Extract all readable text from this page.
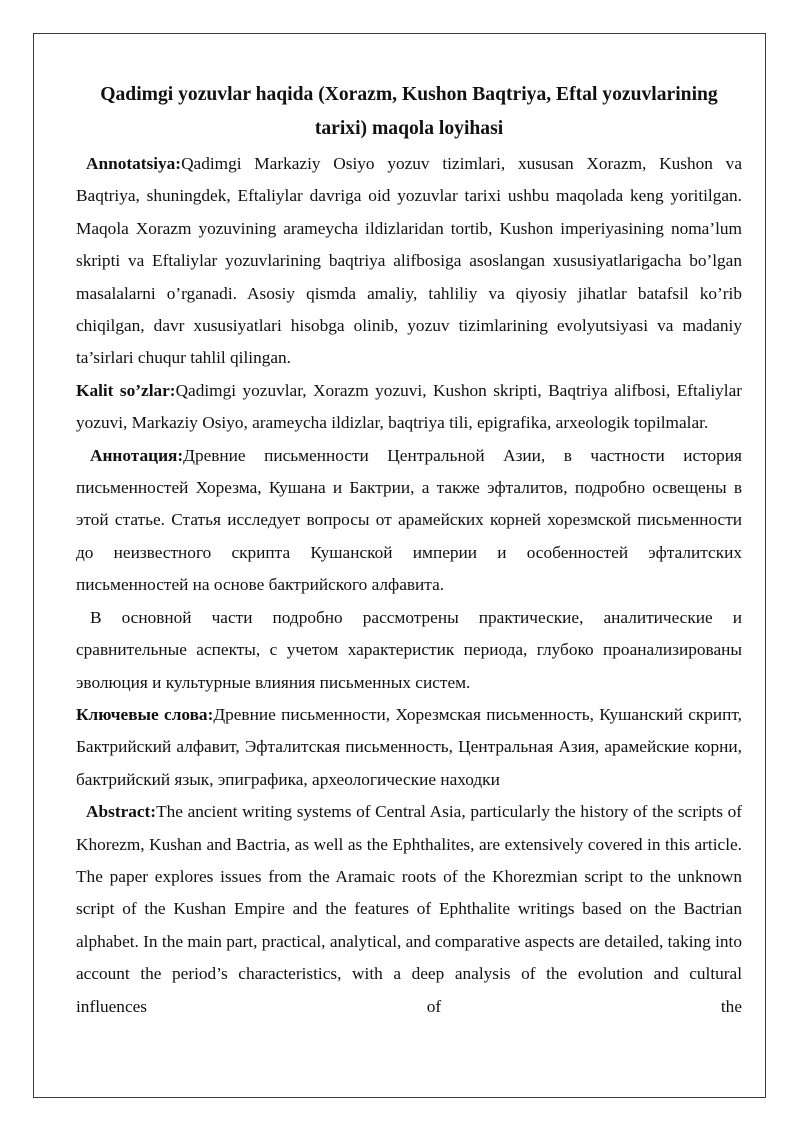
Qadimgi yozuvlar haqida (Xorazm, Kushon Baqtriya, Eftal yozuvlarining tarixi) maqola loyihasi

Annotatsiya:Qadimgi Markaziy Osiyo yozuv tizimlari, xususan Xorazm, Kushon va Baqtriya, shuningdek, Eftaliylar davriga oid yozuvlar tarixi ushbu maqolada keng yoritilgan. Maqola Xorazm yozuvining arameycha ildizlaridan tortib, Kushon imperiyasining noma’lum skripti va Eftaliylar yozuvlarining baqtriya alifbosiga asoslangan xususiyatlarigacha bo’lgan masalalarni o’rganadi. Asosiy qismda amaliy, tahliliy va qiyosiy jihatlar batafsil ko’rib chiqilgan, davr xususiyatlari hisobga olinib, yozuv tizimlarining evolyutsiyasi va madaniy ta’sirlari chuqur tahlil qilingan.

Kalit so’zlar:Qadimgi yozuvlar, Xorazm yozuvi, Kushon skripti, Baqtriya alifbosi, Eftaliylar yozuvi, Markaziy Osiyo, arameycha ildizlar, baqtriya tili, epigrafika, arxeologik topilmalar.

Аннотация:Древние письменности Центральной Азии, в частности история письменностей Хорезма, Кушана и Бактрии, а также эфталитов, подробно освещены в этой статье. Статья исследует вопросы от арамейских корней хорезмской письменности до неизвестного скрипта Кушанской империи и особенностей эфталитских письменностей на основе бактрийского алфавита.

В основной части подробно рассмотрены практические, аналитические и сравнительные аспекты, с учетом характеристик периода, глубоко проанализированы эволюция и культурные влияния письменных систем.

Ключевые слова:Древние письменности, Хорезмская письменность, Кушанский скрипт, Бактрийский алфавит, Эфталитская письменность, Центральная Азия, арамейские корни, бактрийский язык, эпиграфика, археологические находки

Abstract:The ancient writing systems of Central Asia, particularly the history of the scripts of Khorezm, Kushan and Bactria, as well as the Ephthalites, are extensively covered in this article. The paper explores issues from the Aramaic roots of the Khorezmian script to the unknown script of the Kushan Empire and the features of Ephthalite writings based on the Bactrian alphabet. In the main part, practical, analytical, and comparative aspects are detailed, taking into account the period’s characteristics, with a deep analysis of the evolution and cultural influences of the
